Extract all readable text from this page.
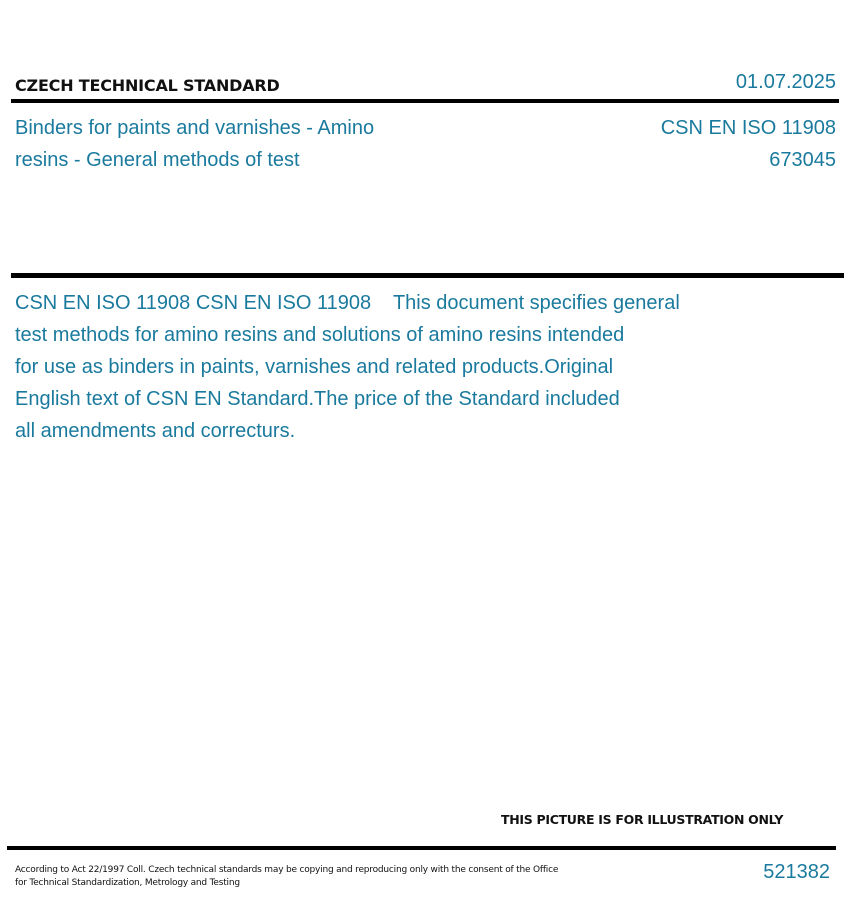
CZECH TECHNICAL STANDARD	01.07.2025
Binders for paints and varnishes - Amino
resins - General methods of test
CSN EN ISO 11908
673045
CSN EN ISO 11908 CSN EN ISO 11908    This document specifies general
test methods for amino resins and solutions of amino resins intended
for use as binders in paints, varnishes and related products.Original
English text of CSN EN Standard.The price of the Standard included
all amendments and correcturs.
THIS PICTURE IS FOR ILLUSTRATION ONLY
According to Act 22/1997 Coll. Czech technical standards may be copying and reproducing only with the consent of the Office
for Technical Standardization, Metrology and Testing	521382
